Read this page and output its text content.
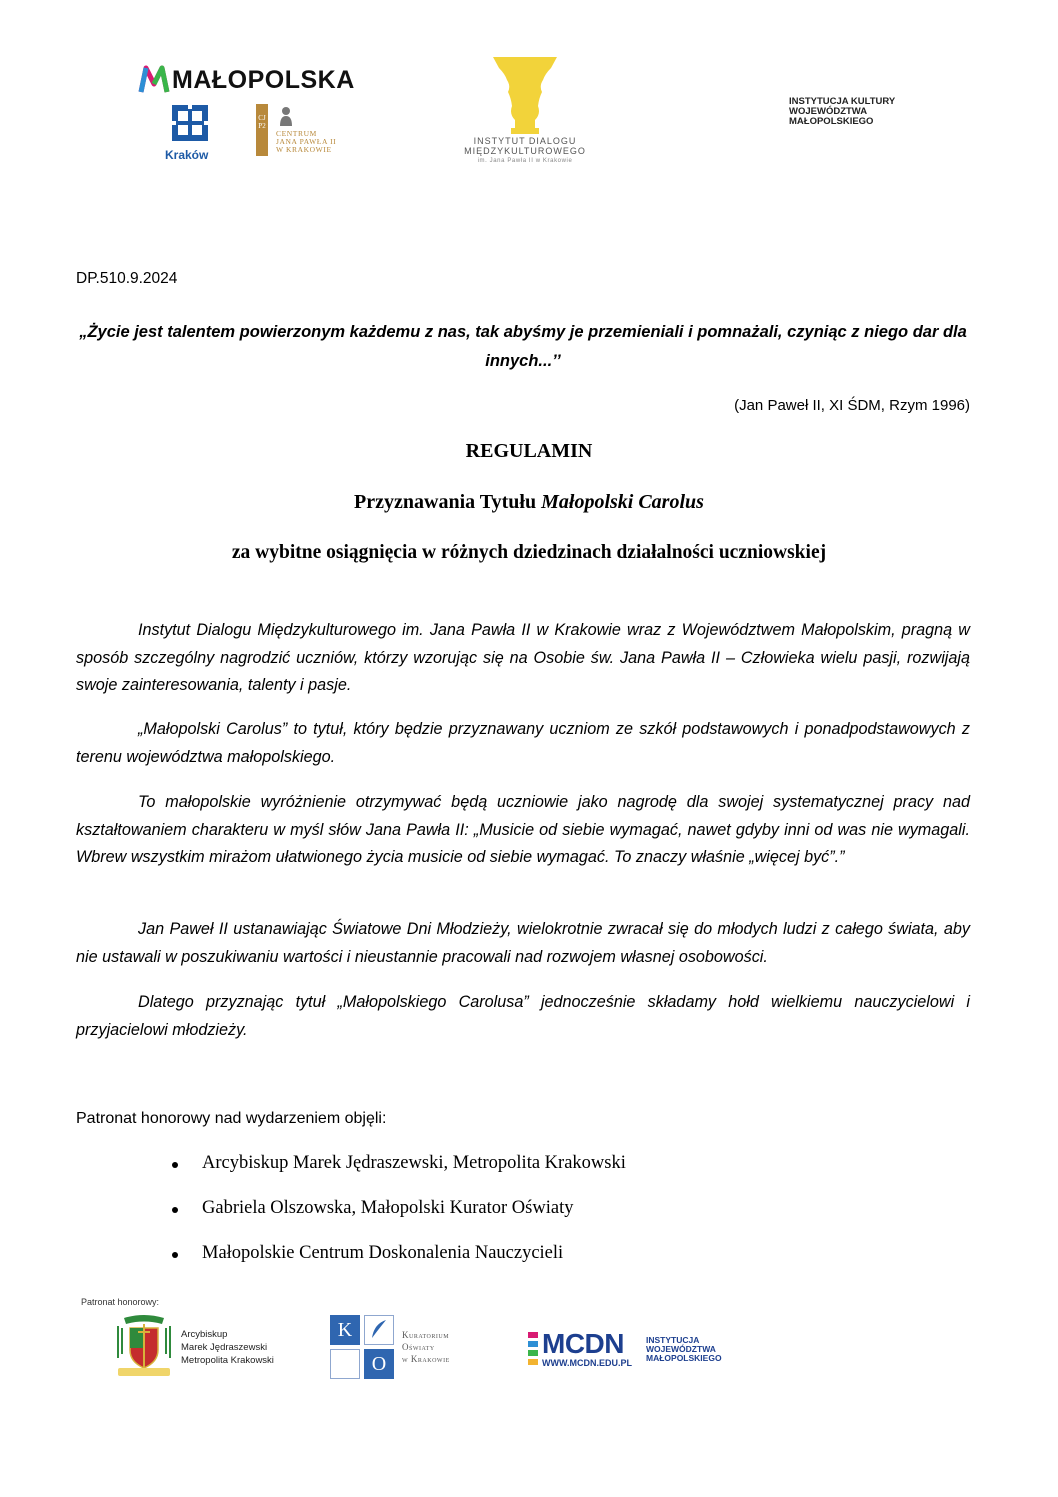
MAŁOPOLSKA
Kraków
CJP2
CENTRUM
JANA PAWŁA II
W KRAKOWIE
INSTYTUT DIALOGU
MIĘDZYKULTUROWEGO
im. Jana Pawła II w Krakowie
INSTYTUCJA KULTURY
WOJEWÓDZTWA
MAŁOPOLSKIEGO
DP.510.9.2024
„Życie jest talentem powierzonym każdemu z nas, tak abyśmy je przemieniali i pomnażali, czyniąc z niego dar dla innych...’’
(Jan Paweł II, XI ŚDM, Rzym 1996)
REGULAMIN
Przyznawania Tytułu Małopolski Carolus
za wybitne osiągnięcia w różnych dziedzinach działalności uczniowskiej
Instytut Dialogu Międzykulturowego im. Jana Pawła II w Krakowie wraz z Województwem Małopolskim, pragną w sposób szczególny nagrodzić uczniów, którzy wzorując się na Osobie św. Jana Pawła II – Człowieka wielu pasji, rozwijają swoje zainteresowania, talenty i pasje.
„Małopolski Carolus” to tytuł, który będzie przyznawany uczniom ze szkół podstawowych i ponadpodstawowych z terenu województwa małopolskiego.
To małopolskie wyróżnienie otrzymywać będą uczniowie jako nagrodę dla swojej systematycznej pracy nad kształtowaniem charakteru w myśl słów Jana Pawła II: „Musicie od siebie wymagać, nawet gdyby inni od was nie wymagali. Wbrew wszystkim mirażom ułatwionego życia musicie od siebie wymagać. To znaczy właśnie „więcej być”.”
Jan Paweł II ustanawiając Światowe Dni Młodzieży, wielokrotnie zwracał się do młodych ludzi z całego świata, aby nie ustawali w poszukiwaniu wartości i nieustannie pracowali nad rozwojem własnej osobowości.
Dlatego przyznając tytuł „Małopolskiego Carolusa” jednocześnie składamy hołd wielkiemu nauczycielowi i przyjacielowi młodzieży.
Patronat honorowy nad wydarzeniem objęli:
Arcybiskup Marek Jędraszewski, Metropolita Krakowski
Gabriela Olszowska, Małopolski Kurator Oświaty
Małopolskie Centrum Doskonalenia Nauczycieli
Patronat honorowy:
Arcybiskup
Marek Jędraszewski
Metropolita Krakowski
K
O
Kuratorium
Oświaty
w Krakowie	MCDN
WWW.MCDN.EDU.PL
INSTYTUCJA
WOJEWÓDZTWA
MAŁOPOLSKIEGO
